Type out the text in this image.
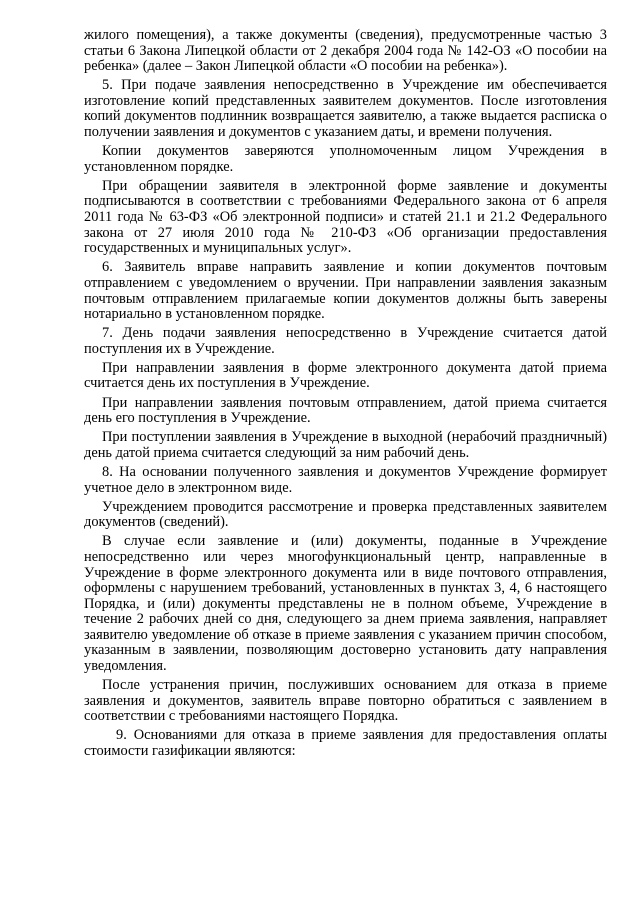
жилого помещения), а также документы (сведения), предусмотренные частью 3 статьи 6 Закона Липецкой области от 2 декабря 2004 года № 142-ОЗ «О пособии на ребенка» (далее – Закон Липецкой области «О пособии на ребенка»).

5. При подаче заявления непосредственно в Учреждение им обеспечивается изготовление копий представленных заявителем документов. После изготовления копий документов подлинник возвращается заявителю, а также выдается расписка о получении заявления и документов с указанием даты, и времени получения.

Копии документов заверяются уполномоченным лицом Учреждения в установленном порядке.

При обращении заявителя в электронной форме заявление и документы подписываются в соответствии с требованиями Федерального закона от 6 апреля 2011 года № 63-ФЗ «Об электронной подписи» и статей 21.1 и 21.2 Федерального закона от 27 июля 2010 года № 210-ФЗ «Об организации предоставления государственных и муниципальных услуг».

6. Заявитель вправе направить заявление и копии документов почтовым отправлением с уведомлением о вручении. При направлении заявления заказным почтовым отправлением прилагаемые копии документов должны быть заверены нотариально в установленном порядке.

7. День подачи заявления непосредственно в Учреждение считается датой поступления их в Учреждение.

При направлении заявления в форме электронного документа датой приема считается день их поступления в Учреждение.

При направлении заявления почтовым отправлением, датой приема считается день его поступления в Учреждение.

При поступлении заявления в Учреждение в выходной (нерабочий праздничный) день датой приема считается следующий за ним рабочий день.

8. На основании полученного заявления и документов Учреждение формирует учетное дело в электронном виде.

Учреждением проводится рассмотрение и проверка представленных заявителем документов (сведений).

В случае если заявление и (или) документы, поданные в Учреждение непосредственно или через многофункциональный центр, направленные в Учреждение в форме электронного документа или в виде почтового отправления, оформлены с нарушением требований, установленных в пунктах 3, 4, 6 настоящего Порядка, и (или) документы представлены не в полном объеме, Учреждение в течение 2 рабочих дней со дня, следующего за днем приема заявления, направляет заявителю уведомление об отказе в приеме заявления с указанием причин способом, указанным в заявлении, позволяющим достоверно установить дату направления уведомления.

После устранения причин, послуживших основанием для отказа в приеме заявления и документов, заявитель вправе повторно обратиться с заявлением в соответствии с требованиями настоящего Порядка.

9. Основаниями для отказа в приеме заявления для предоставления оплаты стоимости газификации являются:
